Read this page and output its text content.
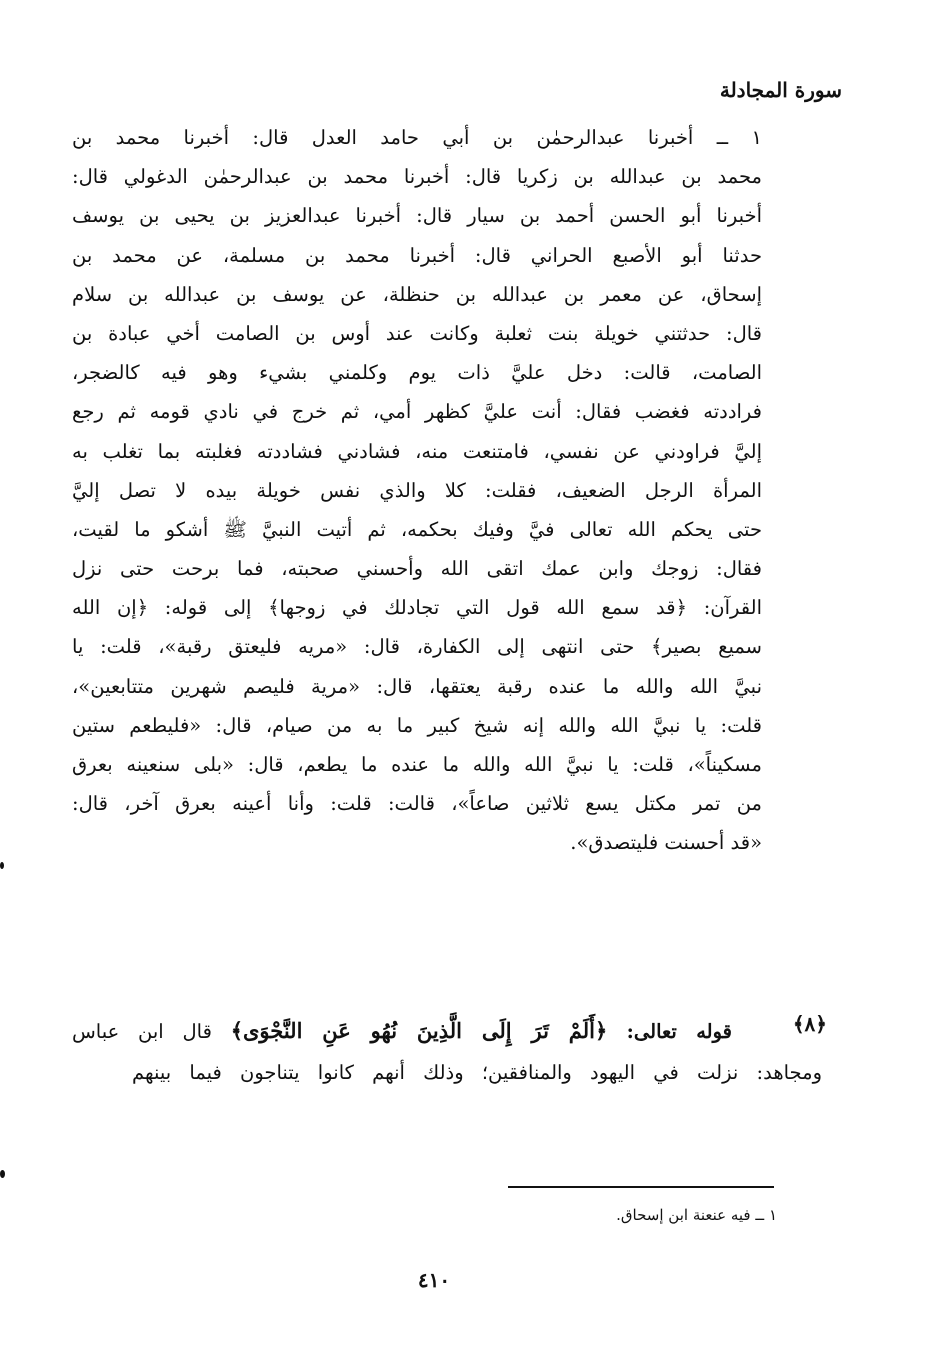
سورة المجادلة
١ ــ أخبرنا عبدالرحمٰن بن أبي حامد العدل قال: أخبرنا محمد بن
محمد بن عبدالله بن زكريا قال: أخبرنا محمد بن عبدالرحمٰن الدغولي قال:
أخبرنا أبو الحسن أحمد بن سيار قال: أخبرنا عبدالعزيز بن يحيى بن يوسف
حدثنا أبو الأصبع الحراني قال: أخبرنا محمد بن مسلمة، عن محمد بن
إسحاق، عن معمر بن عبدالله بن حنظلة، عن يوسف بن عبدالله بن سلام
قال: حدثتني خويلة بنت ثعلبة وكانت عند أوس بن الصامت أخي عبادة بن
الصامت، قالت: دخل عليَّ ذات يوم وكلمني بشيء وهو فيه كالضجر،
فراددته فغضب فقال: أنت عليَّ كظهر أمي، ثم خرج في نادي قومه ثم رجع
إليَّ فراودني عن نفسي، فامتنعت منه، فشادني فشاددته فغلبته بما تغلب به
المرأة الرجل الضعيف، فقلت: كلا والذي نفس خويلة بيده لا تصل إليَّ
حتى يحكم الله تعالى فيَّ وفيك بحكمه، ثم أتيت النبيَّ ﷺ أشكو ما لقيت،
فقال: زوجك وابن عمك اتقى الله وأحسني صحبته، فما برحت حتى نزل
القرآن: ﴿قد سمع الله قول التي تجادلك في زوجها﴾ إلى قوله: ﴿إن الله
سميع بصير﴾ حتى انتهى إلى الكفارة، قال: «مريه فليعتق رقبة»، قلت: يا
نبيَّ الله والله ما عنده رقبة يعتقها، قال: «مرية فليصم شهرين متتابعين»،
قلت: يا نبيَّ الله والله إنه شيخ كبير ما به من صيام، قال: «فليطعم ستين
مسكيناً»، قلت: يا نبيَّ الله والله ما عنده ما يطعم، قال: «بلى سنعينه بعرق
من تمر مكتل يسع ثلاثين صاعاً»، قالت: قلت: وأنا أعينه بعرق آخر، قال:
«قد أحسنت فليتصدق».
﴿٨﴾
قوله تعالى: ﴿أَلَمْ تَرَ إِلَى الَّذِينَ نُهُو عَنِ النَّجْوَى﴾ قال ابن عباس
ومجاهد: نزلت في اليهود والمنافقين؛ وذلك أنهم كانوا يتناجون فيما بينهم
١ ــ فيه عنعنة ابن إسحاق.
٤١٠
